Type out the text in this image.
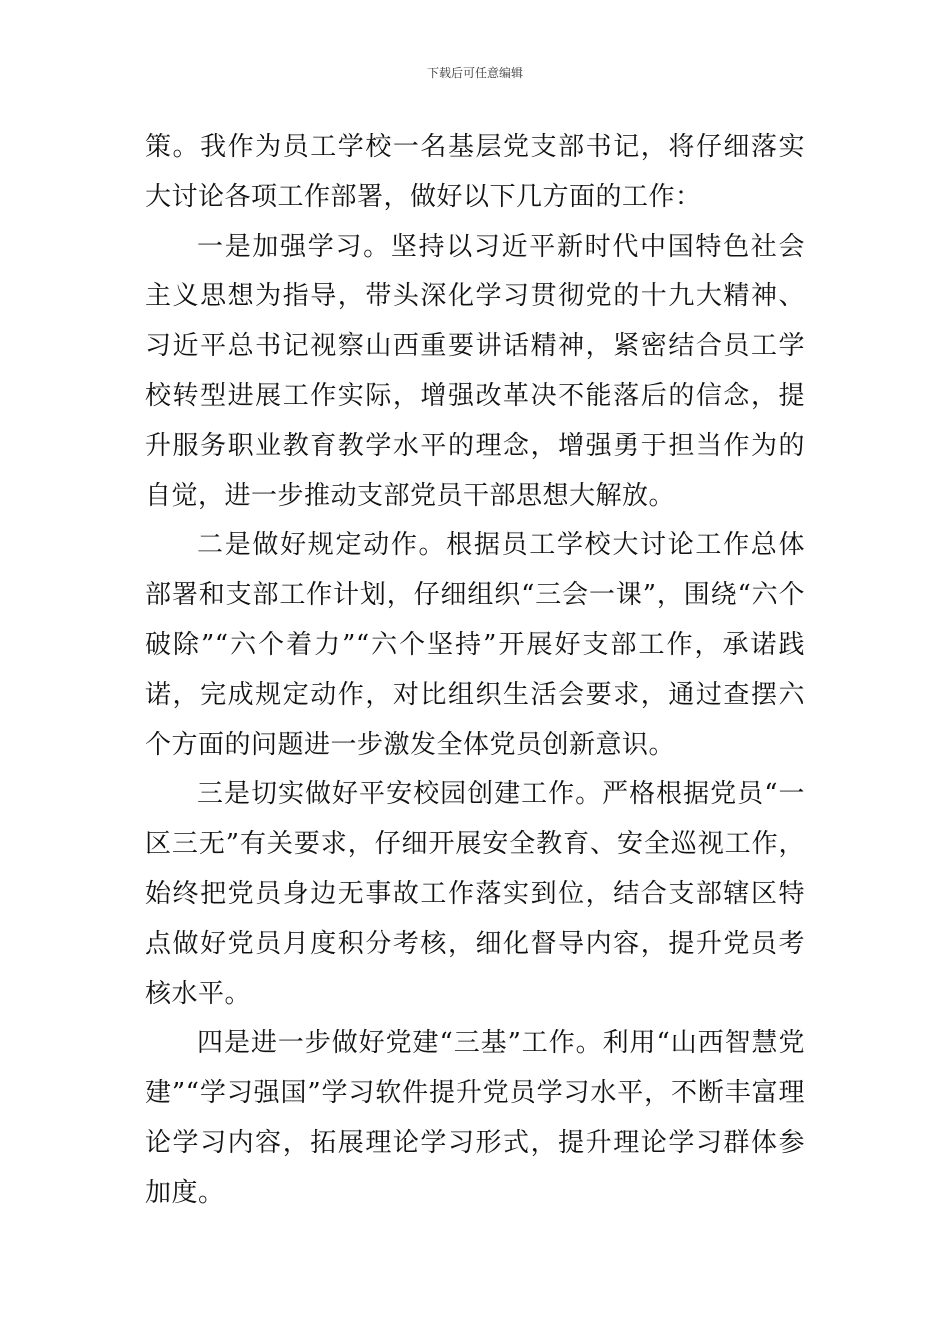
下载后可任意编辑

策。我作为员工学校一名基层党支部书记，将仔细落实大讨论各项工作部署，做好以下几方面的工作：

一是加强学习。坚持以习近平新时代中国特色社会主义思想为指导，带头深化学习贯彻党的十九大精神、习近平总书记视察山西重要讲话精神，紧密结合员工学校转型进展工作实际，增强改革决不能落后的信念，提升服务职业教育教学水平的理念，增强勇于担当作为的自觉，进一步推动支部党员干部思想大解放。

二是做好规定动作。根据员工学校大讨论工作总体部署和支部工作计划，仔细组织“三会一课”，围绕“六个破除”“六个着力”“六个坚持”开展好支部工作，承诺践诺，完成规定动作，对比组织生活会要求，通过查摆六个方面的问题进一步激发全体党员创新意识。

三是切实做好平安校园创建工作。严格根据党员“一区三无”有关要求，仔细开展安全教育、安全巡视工作，始终把党员身边无事故工作落实到位，结合支部辖区特点做好党员月度积分考核，细化督导内容，提升党员考核水平。

四是进一步做好党建“三基”工作。利用“山西智慧党建”“学习强国”学习软件提升党员学习水平，不断丰富理论学习内容，拓展理论学习形式，提升理论学习群体参加度。
